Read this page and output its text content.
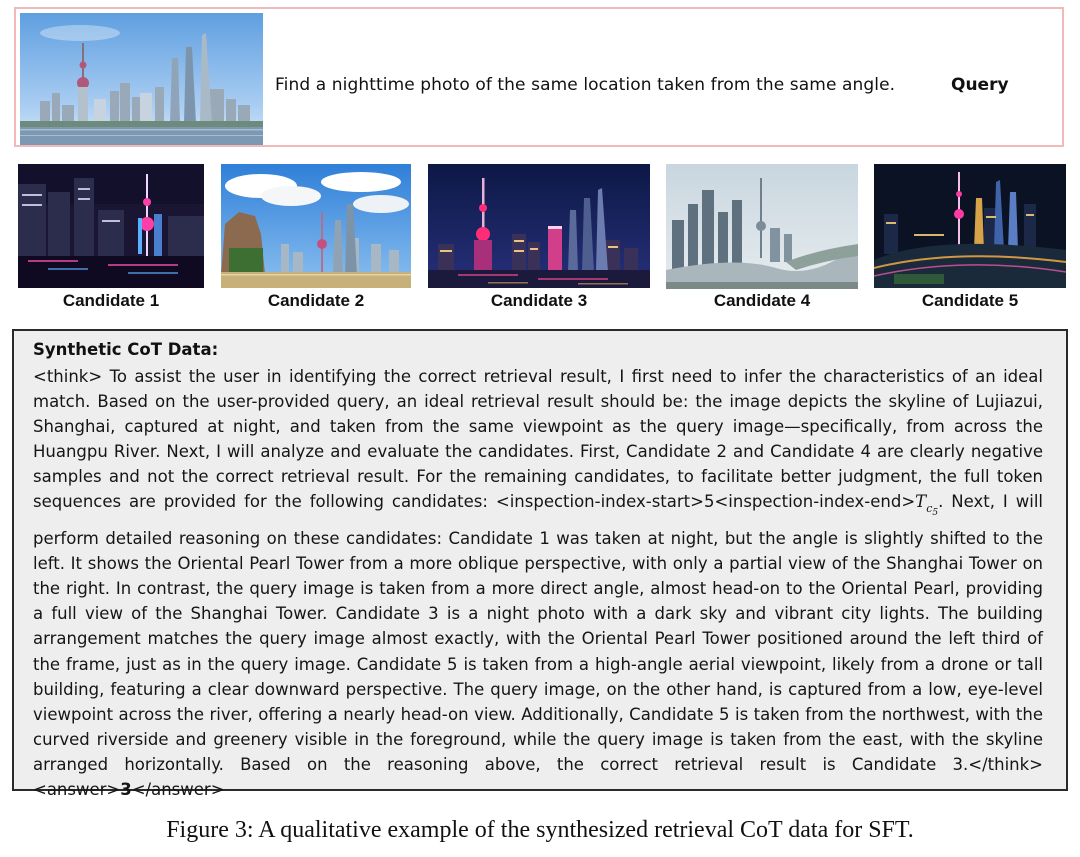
Find a nighttime photo of the same location taken from the same angle.	Query
Candidate 1	Candidate 2	Candidate 3	Candidate 4	Candidate 5
Synthetic CoT Data:
<think> To assist the user in identifying the correct retrieval result, I first need to infer the characteristics of an ideal match. Based on the user-provided query, an ideal retrieval result should be: the image depicts the skyline of Lujiazui, Shanghai, captured at night, and taken from the same viewpoint as the query image—specifically, from across the Huangpu River. Next, I will analyze and evaluate the candidates. First, Candidate 2 and Candidate 4 are clearly negative samples and not the correct retrieval result. For the remaining candidates, to facilitate better judgment, the full token sequences are provided for the following candidates: $<inspection-index-start>5<inspection-index-end>T_{c_5}$. Next, I will perform detailed reasoning on these candidates: Candidate 1 was taken at night, but the angle is slightly shifted to the left. It shows the Oriental Pearl Tower from a more oblique perspective, with only a partial view of the Shanghai Tower on the right. In contrast, the query image is taken from a more direct angle, almost head-on to the Oriental Pearl, providing a full view of the Shanghai Tower. Candidate 3 is a night photo with a dark sky and vibrant city lights. The building arrangement matches the query image almost exactly, with the Oriental Pearl Tower positioned around the left third of the frame, just as in the query image. Candidate 5 is taken from a high-angle aerial viewpoint, likely from a drone or tall building, featuring a clear downward perspective. The query image, on the other hand, is captured from a low, eye-level viewpoint across the river, offering a nearly head-on view. Additionally, Candidate 5 is taken from the northwest, with the curved riverside and greenery visible in the foreground, while the query image is taken from the east, with the skyline arranged horizontally. Based on the reasoning above, the correct retrieval result is Candidate 3.</think> <answer>3</answer>
Figure 3: A qualitative example of the synthesized retrieval CoT data for SFT.
